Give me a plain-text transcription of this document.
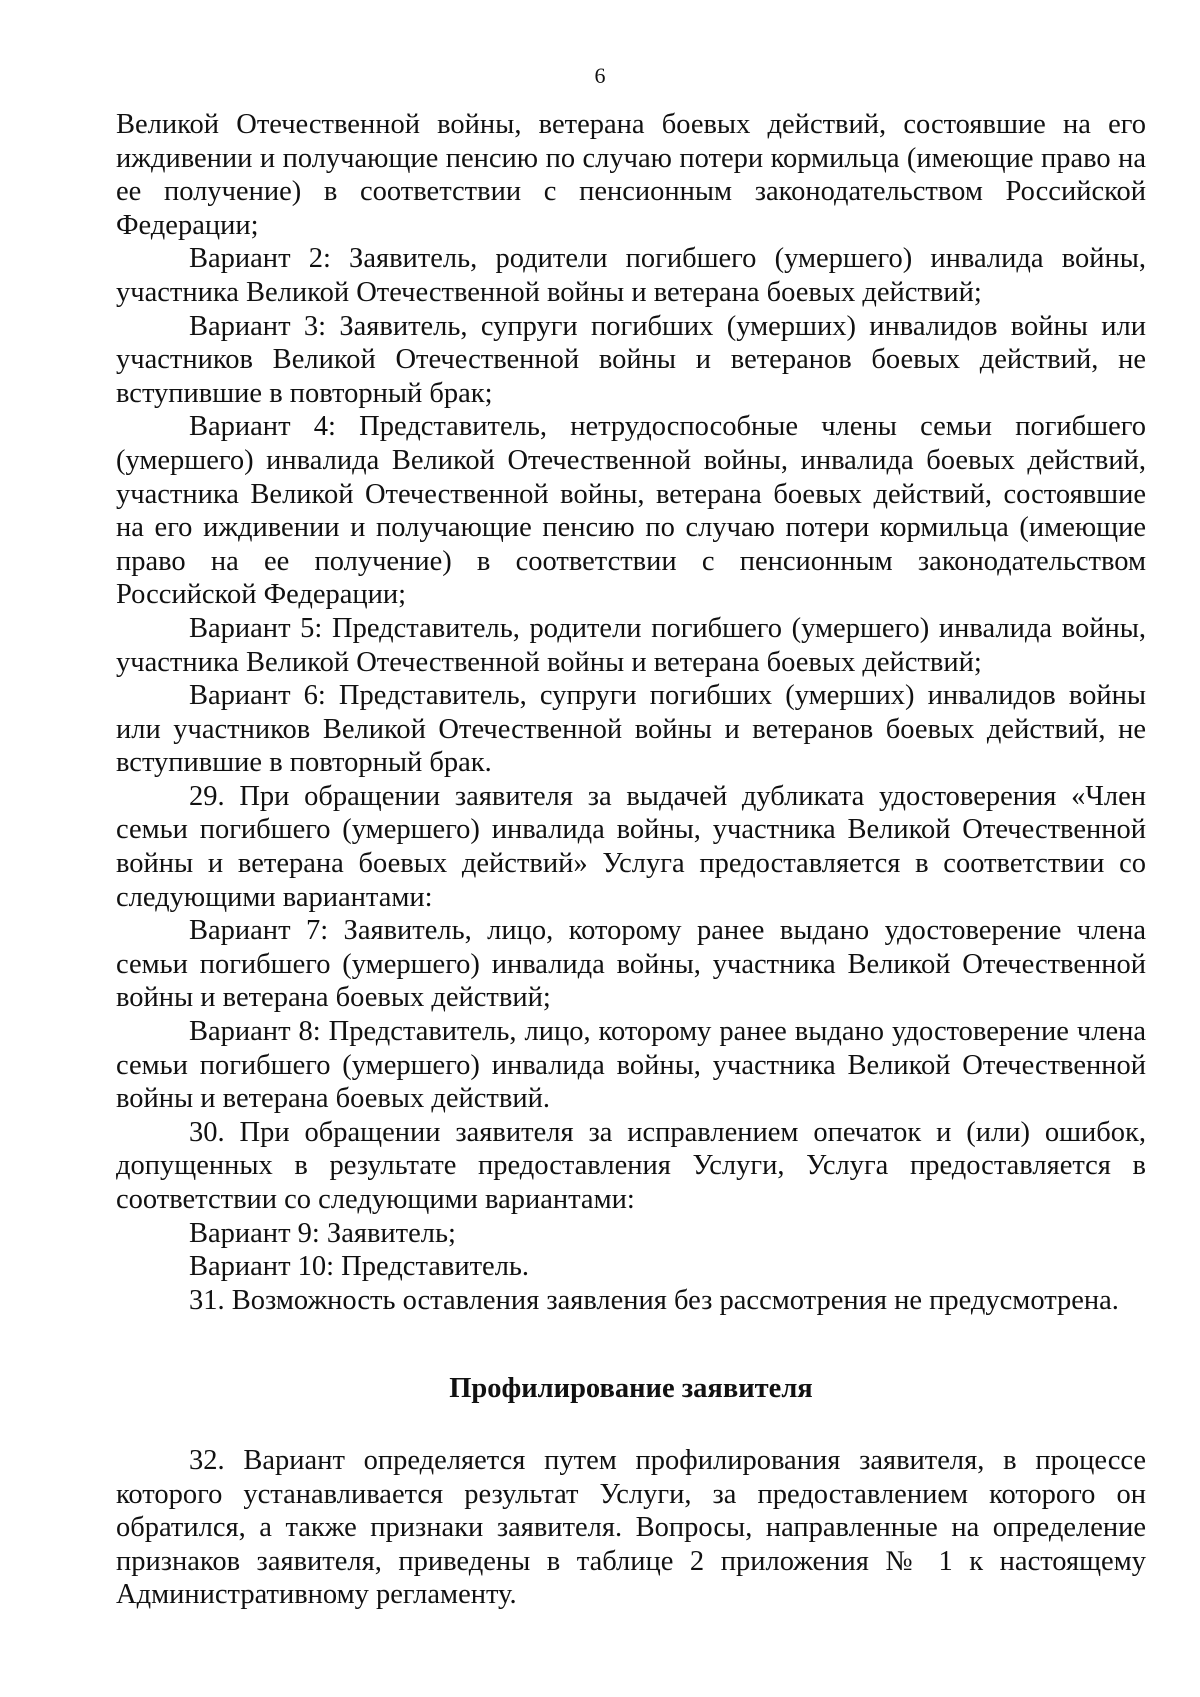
6

Великой Отечественной войны, ветерана боевых действий, состоявшие на его иждивении и получающие пенсию по случаю потери кормильца (имеющие право на ее получение) в соответствии с пенсионным законодательством Российской Федерации;

Вариант 2: Заявитель, родители погибшего (умершего) инвалида войны, участника Великой Отечественной войны и ветерана боевых действий;

Вариант 3: Заявитель, супруги погибших (умерших) инвалидов войны или участников Великой Отечественной войны и ветеранов боевых действий, не вступившие в повторный брак;

Вариант 4: Представитель, нетрудоспособные члены семьи погибшего (умершего) инвалида Великой Отечественной войны, инвалида боевых действий, участника Великой Отечественной войны, ветерана боевых действий, состоявшие на его иждивении и получающие пенсию по случаю потери кормильца (имеющие право на ее получение) в соответствии с пенсионным законодательством Российской Федерации;

Вариант 5: Представитель, родители погибшего (умершего) инвалида войны, участника Великой Отечественной войны и ветерана боевых действий;

Вариант 6: Представитель, супруги погибших (умерших) инвалидов войны или участников Великой Отечественной войны и ветеранов боевых действий, не вступившие в повторный брак.

29. При обращении заявителя за выдачей дубликата удостоверения «Член семьи погибшего (умершего) инвалида войны, участника Великой Отечественной войны и ветерана боевых действий» Услуга предоставляется в соответствии со следующими вариантами:

Вариант 7: Заявитель, лицо, которому ранее выдано удостоверение члена семьи погибшего (умершего) инвалида войны, участника Великой Отечественной войны и ветерана боевых действий;

Вариант 8: Представитель, лицо, которому ранее выдано удостоверение члена семьи погибшего (умершего) инвалида войны, участника Великой Отечественной войны и ветерана боевых действий.

30. При обращении заявителя за исправлением опечаток и (или) ошибок, допущенных в результате предоставления Услуги, Услуга предоставляется в соответствии со следующими вариантами:

Вариант 9: Заявитель;

Вариант 10: Представитель.

31. Возможность оставления заявления без рассмотрения не предусмотрена.

Профилирование заявителя

32. Вариант определяется путем профилирования заявителя, в процессе которого устанавливается результат Услуги, за предоставлением которого он обратился, а также признаки заявителя. Вопросы, направленные на определение признаков заявителя, приведены в таблице 2 приложения № 1 к настоящему Административному регламенту.
